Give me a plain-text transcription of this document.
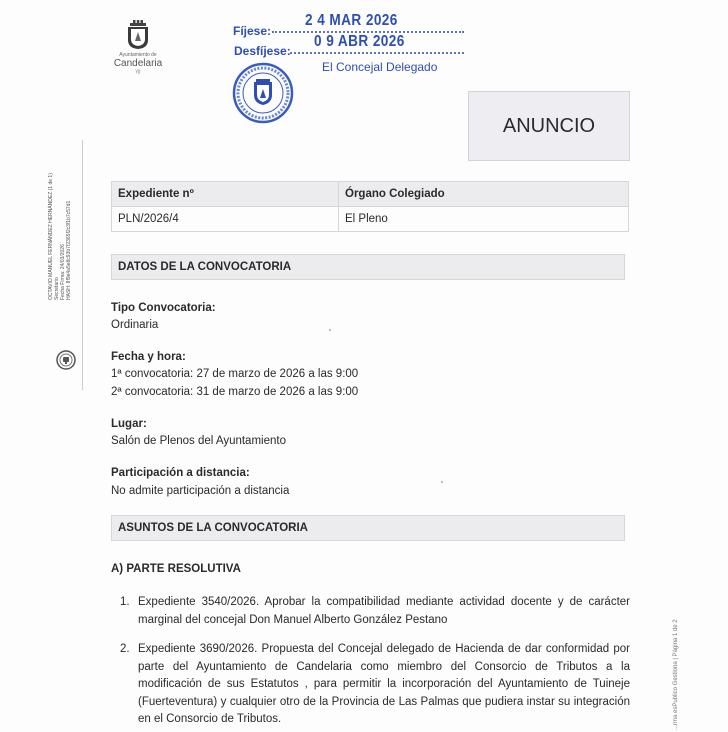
Ayuntamiento de
Candelaria
ᵞᵍ
Fíjese:
2 4 MAR 2026
Desfíjese:
0 9 ABR 2026
El Concejal Delegado
ANUNCIO
OCTAVIO MANUEL FERNÁNDEZ HERNÁNDEZ (1 de 1) Secretario Fecha Firma: 24/03/2026 HASH: 8f9e4a5e8c93b7f2365f2c3f1b7c57d1
...rma esPublico Gestiona | Página 1 de 2
Expediente nº	Órgano Colegiado
PLN/2026/4	El Pleno
DATOS DE LA CONVOCATORIA
Tipo Convocatoria:
Ordinaria
Fecha y hora:
1ª convocatoria: 27 de marzo de 2026 a las 9:00
2ª convocatoria: 31 de marzo de 2026 a las 9:00
Lugar:
Salón de Plenos del Ayuntamiento
Participación a distancia:
No admite participación a distancia
ASUNTOS DE LA CONVOCATORIA
A) PARTE RESOLUTIVA
1. Expediente 3540/2026. Aprobar la compatibilidad mediante actividad docente y de carácter marginal del concejal Don Manuel Alberto González Pestano
2. Expediente 3690/2026. Propuesta del Concejal delegado de Hacienda de dar conformidad por parte del Ayuntamiento de Candelaria como miembro del Consorcio de Tributos a la modificación de sus Estatutos , para permitir la incorporación del Ayuntamiento de Tuineje (Fuerteventura) y cualquier otro de la Provincia de Las Palmas que pudiera instar su integración en el Consorcio de Tributos.
